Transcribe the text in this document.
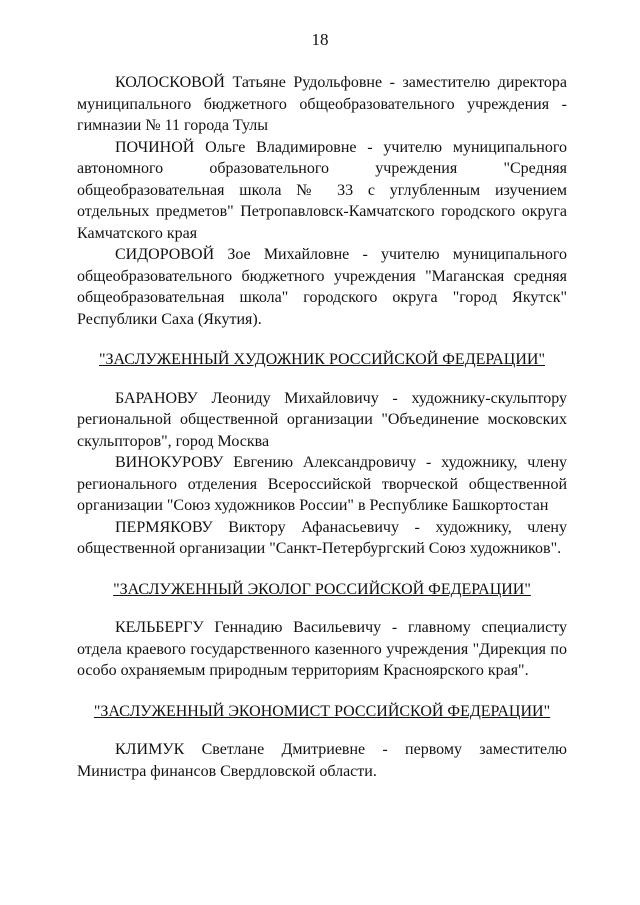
18

КОЛОСКОВОЙ Татьяне Рудольфовне - заместителю директора муниципального бюджетного общеобразовательного учреждения - гимназии № 11 города Тулы

ПОЧИНОЙ Ольге Владимировне - учителю муниципального автономного образовательного учреждения "Средняя общеобразовательная школа № 33 с углубленным изучением отдельных предметов" Петропавловск-Камчатского городского округа Камчатского края

СИДОРОВОЙ Зое Михайловне - учителю муниципального общеобразовательного бюджетного учреждения "Маганская средняя общеобразовательная школа" городского округа "город Якутск" Республики Саха (Якутия).

"ЗАСЛУЖЕННЫЙ ХУДОЖНИК РОССИЙСКОЙ ФЕДЕРАЦИИ"

БАРАНОВУ Леониду Михайловичу - художнику-скульптору региональной общественной организации "Объединение московских скульпторов", город Москва

ВИНОКУРОВУ Евгению Александровичу - художнику, члену регионального отделения Всероссийской творческой общественной организации "Союз художников России" в Республике Башкортостан

ПЕРМЯКОВУ Виктору Афанасьевичу - художнику, члену общественной организации "Санкт-Петербургский Союз художников".

"ЗАСЛУЖЕННЫЙ ЭКОЛОГ РОССИЙСКОЙ ФЕДЕРАЦИИ"

КЕЛЬБЕРГУ Геннадию Васильевичу - главному специалисту отдела краевого государственного казенного учреждения "Дирекция по особо охраняемым природным территориям Красноярского края".

"ЗАСЛУЖЕННЫЙ ЭКОНОМИСТ РОССИЙСКОЙ ФЕДЕРАЦИИ"

КЛИМУК Светлане Дмитриевне - первому заместителю Министра финансов Свердловской области.
